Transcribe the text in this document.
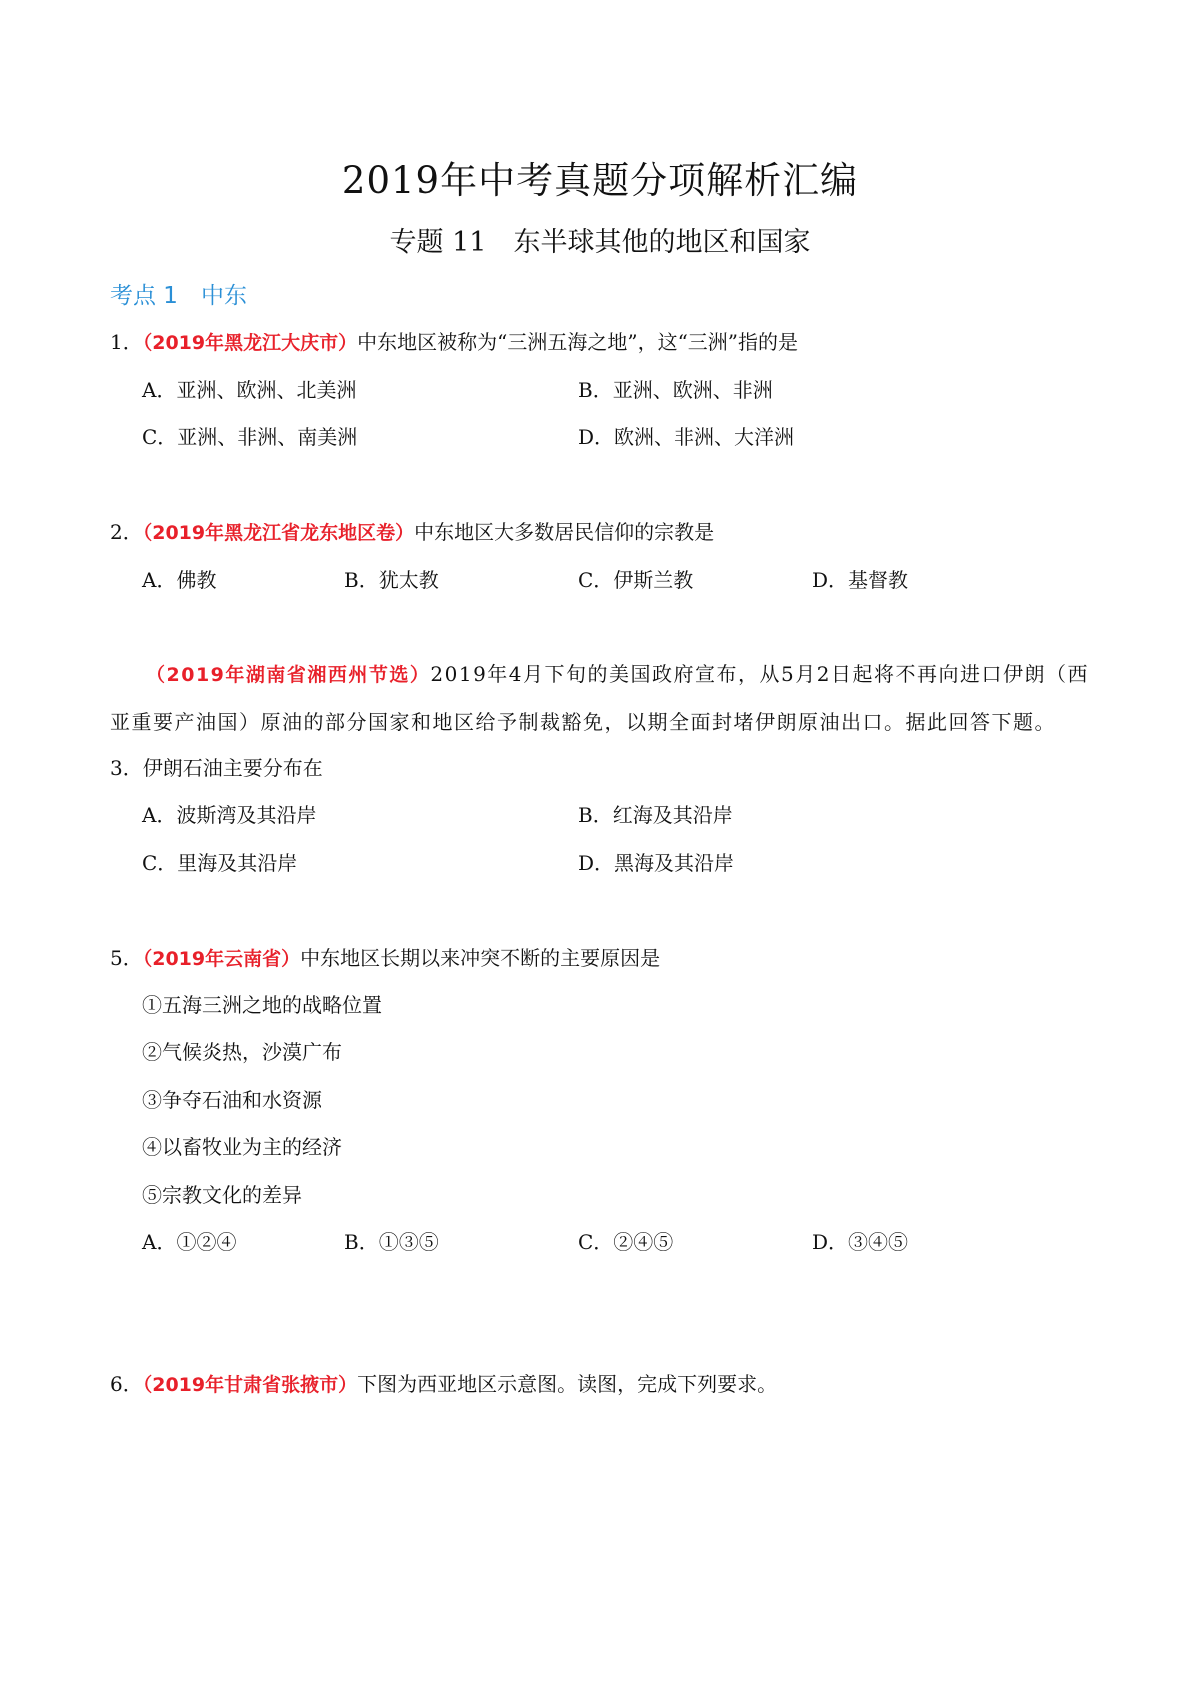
2019年中考真题分项解析汇编
专题 11　东半球其他的地区和国家
考点 1　中东
1．（2019年黑龙江大庆市）中东地区被称为“三洲五海之地”，这“三洲”指的是
A．亚洲、欧洲、北美洲	B．亚洲、欧洲、非洲
C．亚洲、非洲、南美洲	D．欧洲、非洲、大洋洲
2．（2019年黑龙江省龙东地区卷）中东地区大多数居民信仰的宗教是
A．佛教	B．犹太教	C．伊斯兰教	D．基督教
（2019年湖南省湘西州节选）2019年4月下旬的美国政府宣布，从5月2日起将不再向进口伊朗（西
亚重要产油国）原油的部分国家和地区给予制裁豁免，以期全面封堵伊朗原油出口。据此回答下题。
3．伊朗石油主要分布在
A．波斯湾及其沿岸	B．红海及其沿岸
C．里海及其沿岸	D．黑海及其沿岸
5．（2019年云南省）中东地区长期以来冲突不断的主要原因是
①五海三洲之地的战略位置
②气候炎热，沙漠广布
③争夺石油和水资源
④以畜牧业为主的经济
⑤宗教文化的差异
A．①②④	B．①③⑤	C．②④⑤	D．③④⑤
6．（2019年甘肃省张掖市）下图为西亚地区示意图。读图，完成下列要求。
